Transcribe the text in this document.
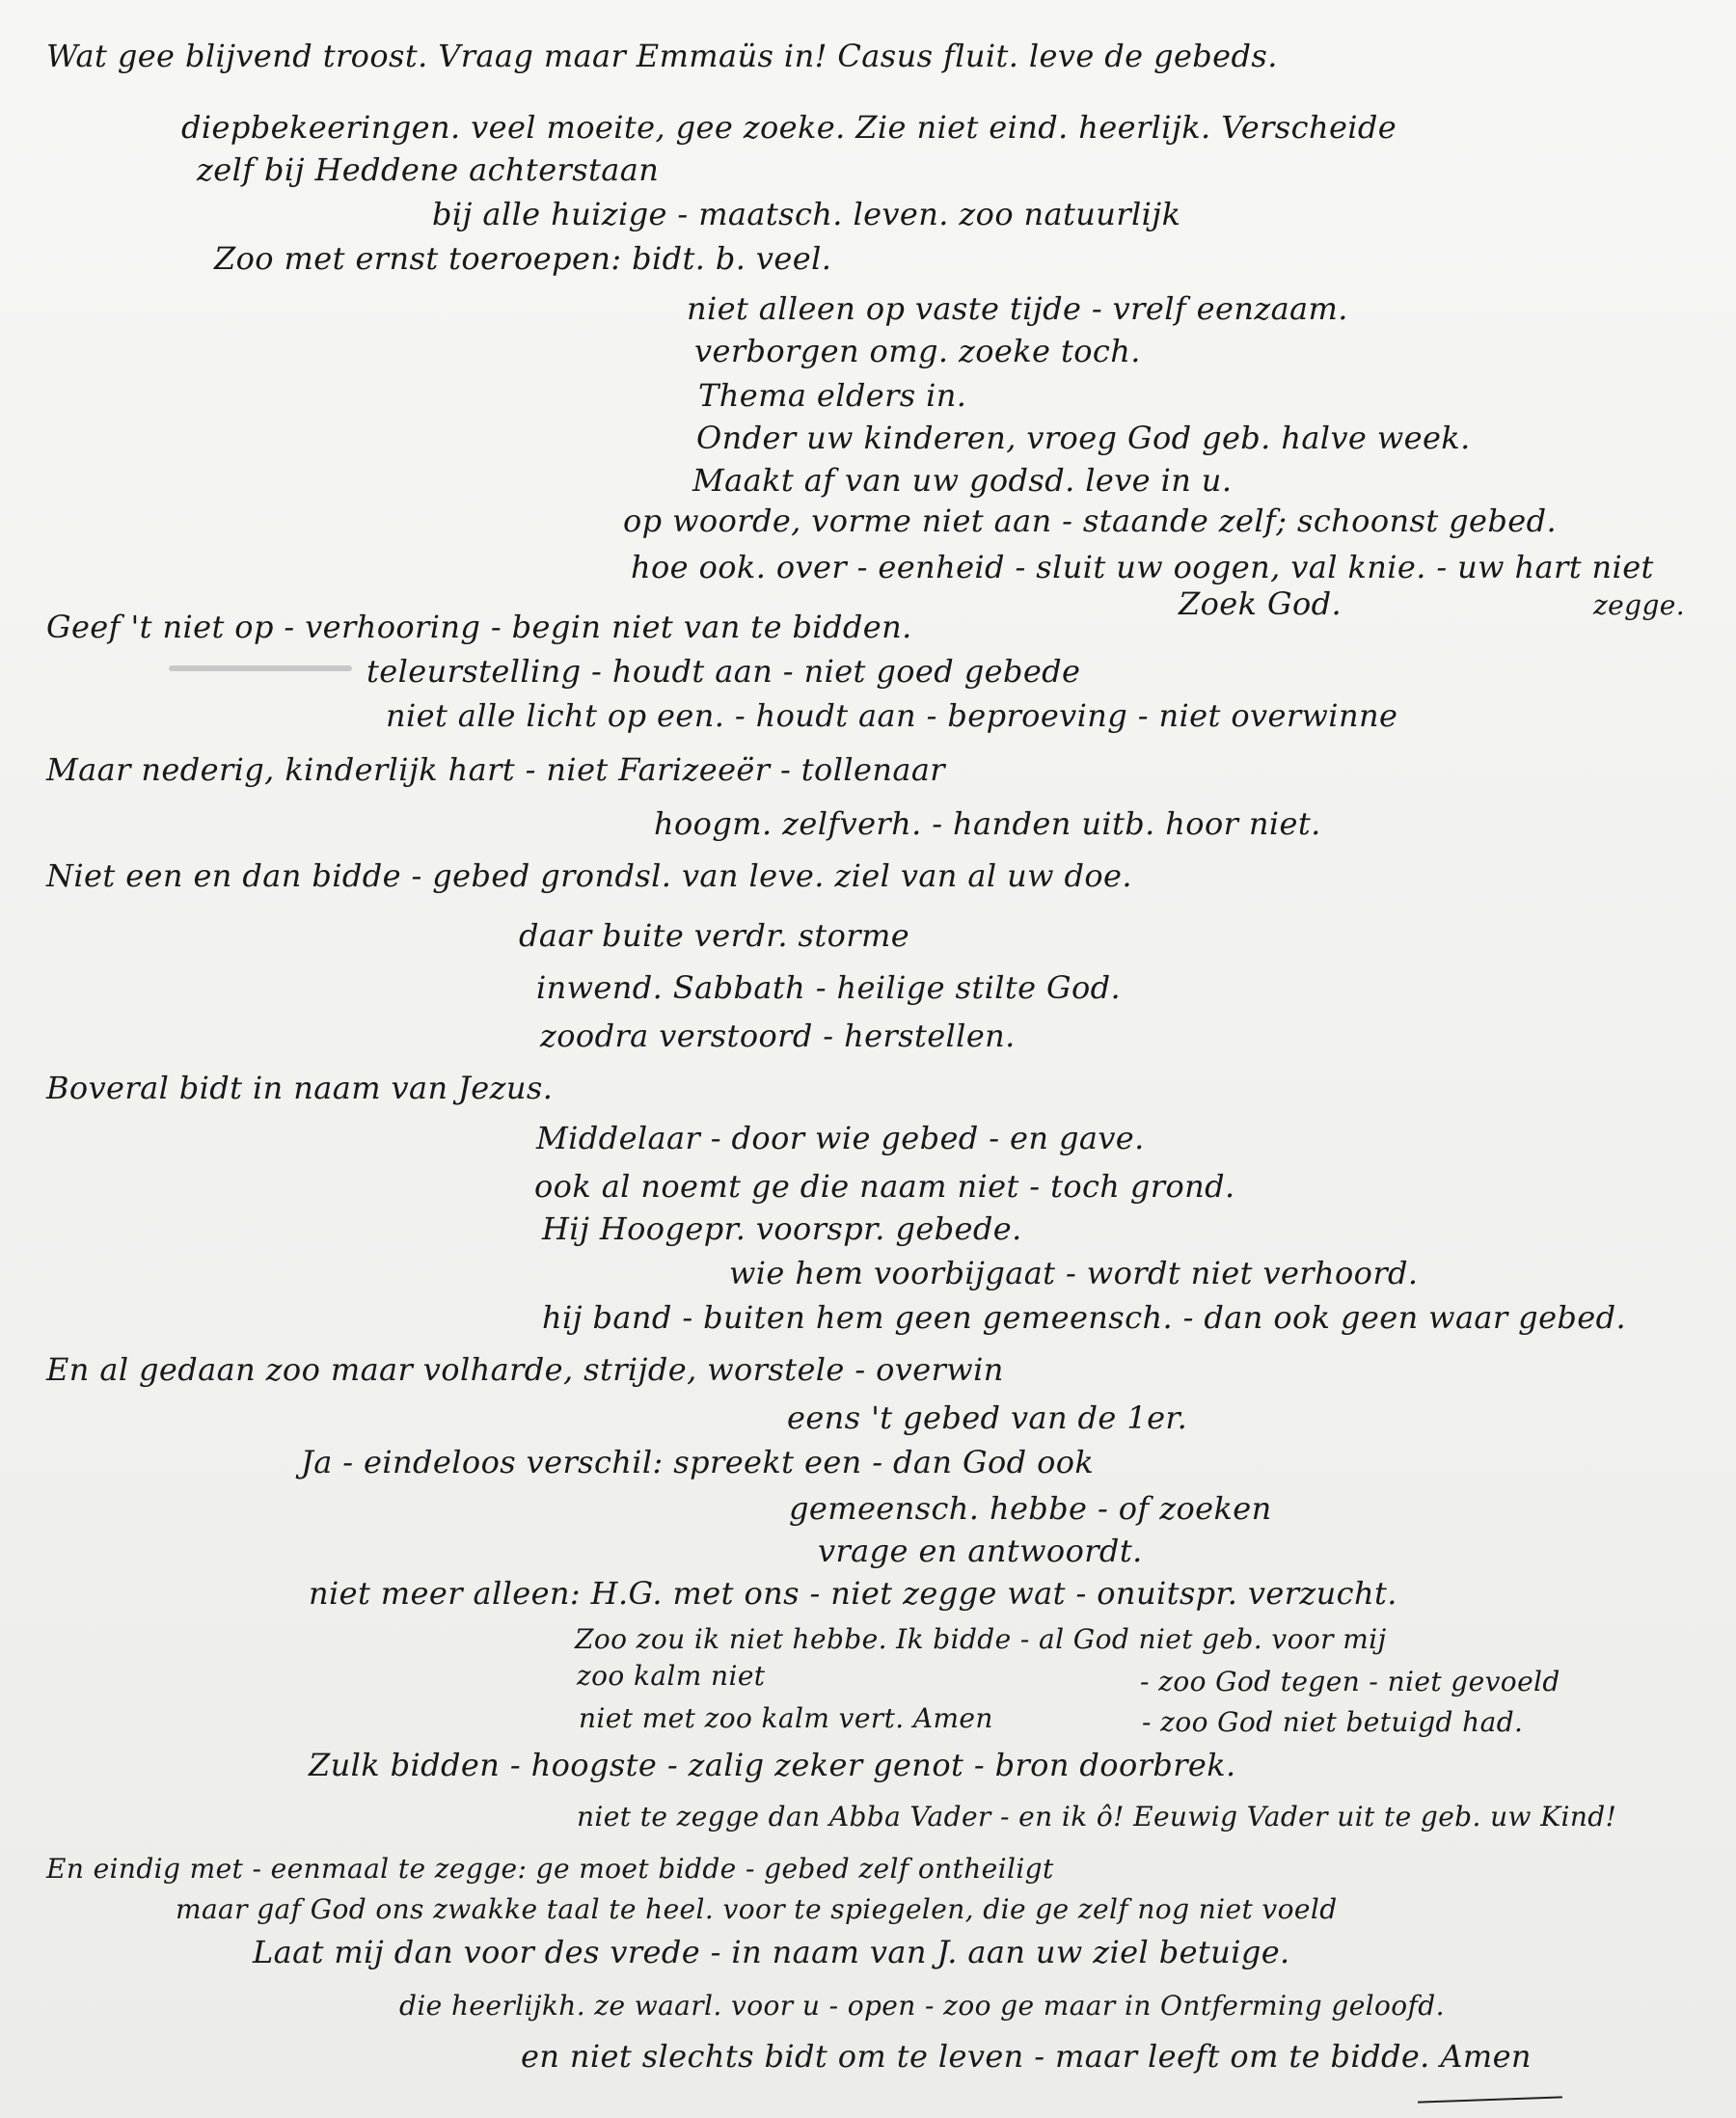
Wat gee blijvend troost. Vraag maar Emmaüs in! Casus fluit. leve de gebeds.
diepbekeeringen. veel moeite, gee zoeke. Zie niet eind. heerlijk. Verscheide
zelf bij Heddene achterstaan
bij alle huizige - maatsch. leven. zoo natuurlijk
Zoo met ernst toeroepen: bidt. b. veel.
niet alleen op vaste tijde - vrelf eenzaam.
verborgen omg. zoeke toch.
Thema elders in.
Onder uw kinderen, vroeg God geb. halve week.
Maakt af van uw godsd. leve in u.
op woorde, vorme niet aan - staande zelf; schoonst gebed.
hoe ook. over - eenheid - sluit uw oogen, val knie. - uw hart niet
Zoek God.	zegge.
Geef 't niet op - verhooring - begin niet van te bidden.
teleurstelling - houdt aan - niet goed gebede
niet alle licht op een. - houdt aan - beproeving - niet overwinne
Maar nederig, kinderlijk hart - niet Farizeeër - tollenaar
hoogm. zelfverh. - handen uitb. hoor niet.
Niet een en dan bidde - gebed grondsl. van leve. ziel van al uw doe.
daar buite verdr. storme
inwend. Sabbath - heilige stilte God.
zoodra verstoord - herstellen.
Boveral bidt in naam van Jezus.
Middelaar - door wie gebed - en gave.
ook al noemt ge die naam niet - toch grond.
Hij Hoogepr. voorspr. gebede.
wie hem voorbijgaat - wordt niet verhoord.
hij band - buiten hem geen gemeensch. - dan ook geen waar gebed.
En al gedaan zoo maar volharde, strijde, worstele - overwin
eens 't gebed van de 1er.
Ja - eindeloos verschil: spreekt een - dan God ook
gemeensch. hebbe - of zoeken
vrage en antwoordt.
niet meer alleen: H.G. met ons - niet zegge wat - onuitspr. verzucht.
Zoo zou ik niet hebbe. Ik bidde - al God niet geb. voor mij
zoo kalm niet	- zoo God tegen - niet gevoeld
niet met zoo kalm vert. Amen	- zoo God niet betuigd had.
Zulk bidden - hoogste - zalig zeker genot - bron doorbrek.
niet te zegge dan Abba Vader - en ik ô! Eeuwig Vader uit te geb. uw Kind!
En eindig met - eenmaal te zegge: ge moet bidde - gebed zelf ontheiligt
maar gaf God ons zwakke taal te heel. voor te spiegelen, die ge zelf nog niet voeld
Laat mij dan voor des vrede - in naam van J. aan uw ziel betuige.
die heerlijkh. ze waarl. voor u - open - zoo ge maar in Ontferming geloofd.
en niet slechts bidt om te leven - maar leeft om te bidde. Amen
